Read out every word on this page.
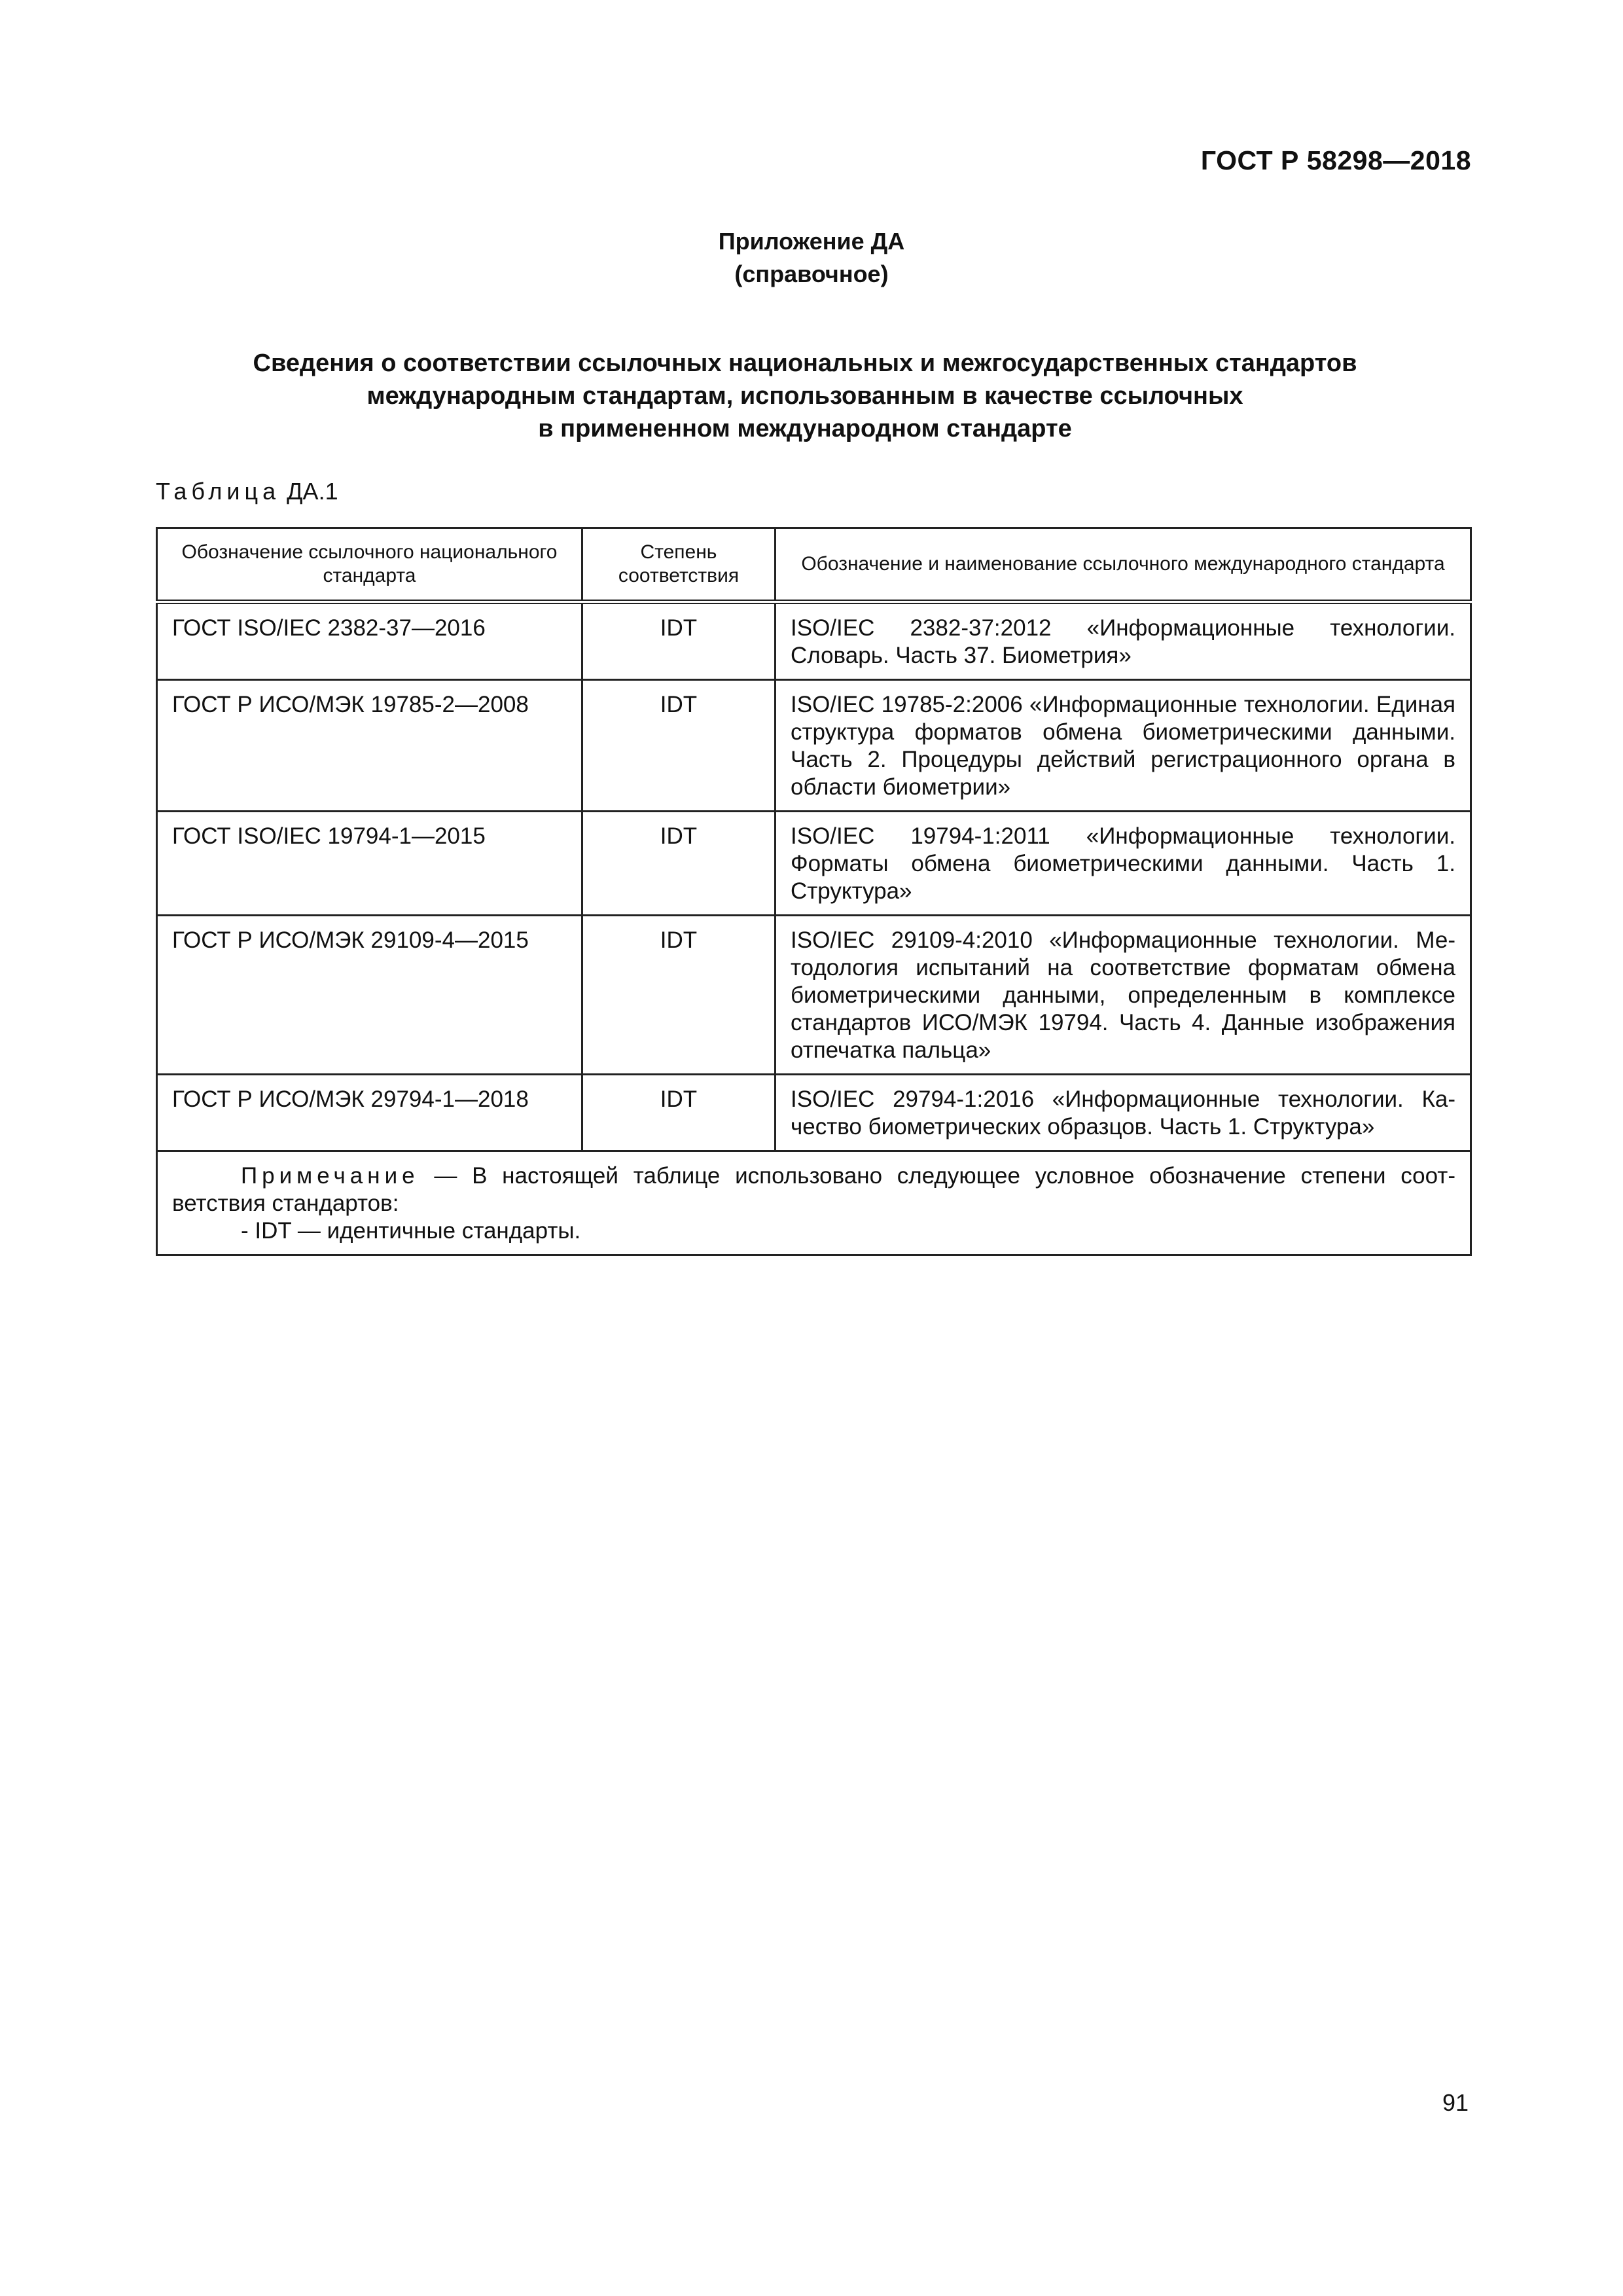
ГОСТ Р 58298—2018
Приложение ДА
(справочное)
Сведения о соответствии ссылочных национальных и межгосударственных стандартов
международным стандартам, использованным в качестве ссылочных
в примененном международном стандарте
Таблица ДА.1
Обозначение ссылочного национального стандарта	Степень соответствия	Обозначение и наименование ссылочного международного стандарта
ГОСТ ISO/IEC 2382-37—2016	IDT	ISO/IEC 2382-37:2012 «Информационные технологии. Словарь. Часть 37. Биометрия»
ГОСТ Р ИСО/МЭК 19785-2—2008	IDT	ISO/IEC 19785-2:2006 «Информационные технологии. Единая структура форматов обмена биометрическими данными. Часть 2. Процедуры действий регистрационного органа в области биометрии»
ГОСТ ISO/IEC 19794-1—2015	IDT	ISO/IEC 19794-1:2011 «Информационные технологии. Форматы обмена биометрическими данными. Часть 1. Структура»
ГОСТ Р ИСО/МЭК 29109-4—2015	IDT	ISO/IEC 29109-4:2010 «Информационные технологии. Методология испытаний на соответствие форматам обмена биометрическими данными, определенным в комплексе стандартов ИСО/МЭК 19794. Часть 4. Данные изображения отпечатка пальца»
ГОСТ Р ИСО/МЭК 29794-1—2018	IDT	ISO/IEC 29794-1:2016 «Информационные технологии. Качество биометрических образцов. Часть 1. Структура»

Примечание — В настоящей таблице использовано следующее условное обозначение степени соответствия стандартов:
- IDT — идентичные стандарты.		
91
